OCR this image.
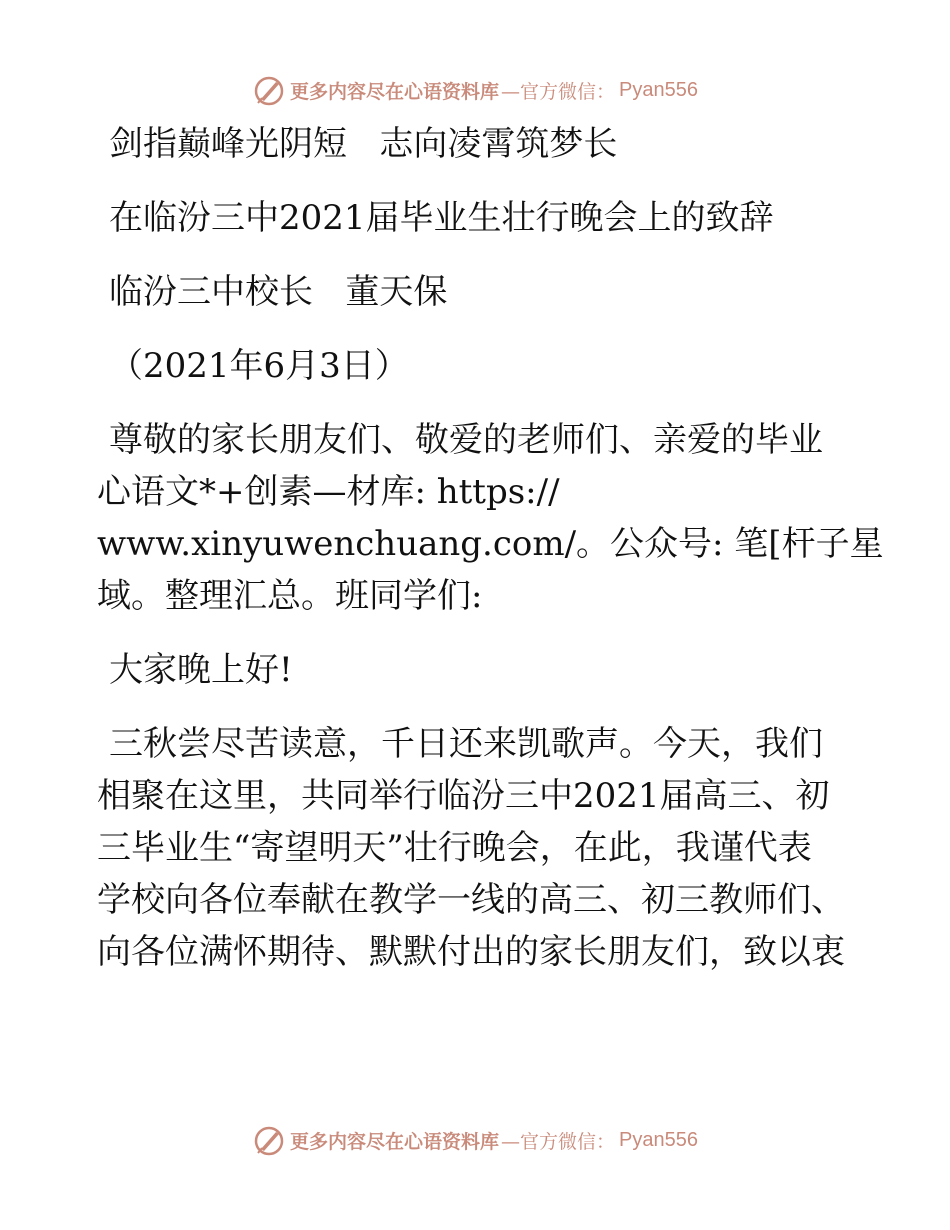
更多内容尽在心语资料库 —官方微信： Pyan556
剑指巅峰光阴短   志向凌霄筑梦长
在临汾三中2021届毕业生壮行晚会上的致辞
临汾三中校长   董天保
（2021年6月3日）
尊敬的家长朋友们、敬爱的老师们、亲爱的毕业
心语文*+创素—材库: https://
www.xinyuwenchuang.com/。公众号: 笔[杆子星
域。整理汇总。班同学们:
大家晚上好!
三秋尝尽苦读意，千日还来凯歌声。今天，我们
相聚在这里，共同举行临汾三中2021届高三、初
三毕业生“寄望明天”壮行晚会，在此，我谨代表
学校向各位奉献在教学一线的高三、初三教师们、
向各位满怀期待、默默付出的家长朋友们，致以衷
更多内容尽在心语资料库 —官方微信： Pyan556
